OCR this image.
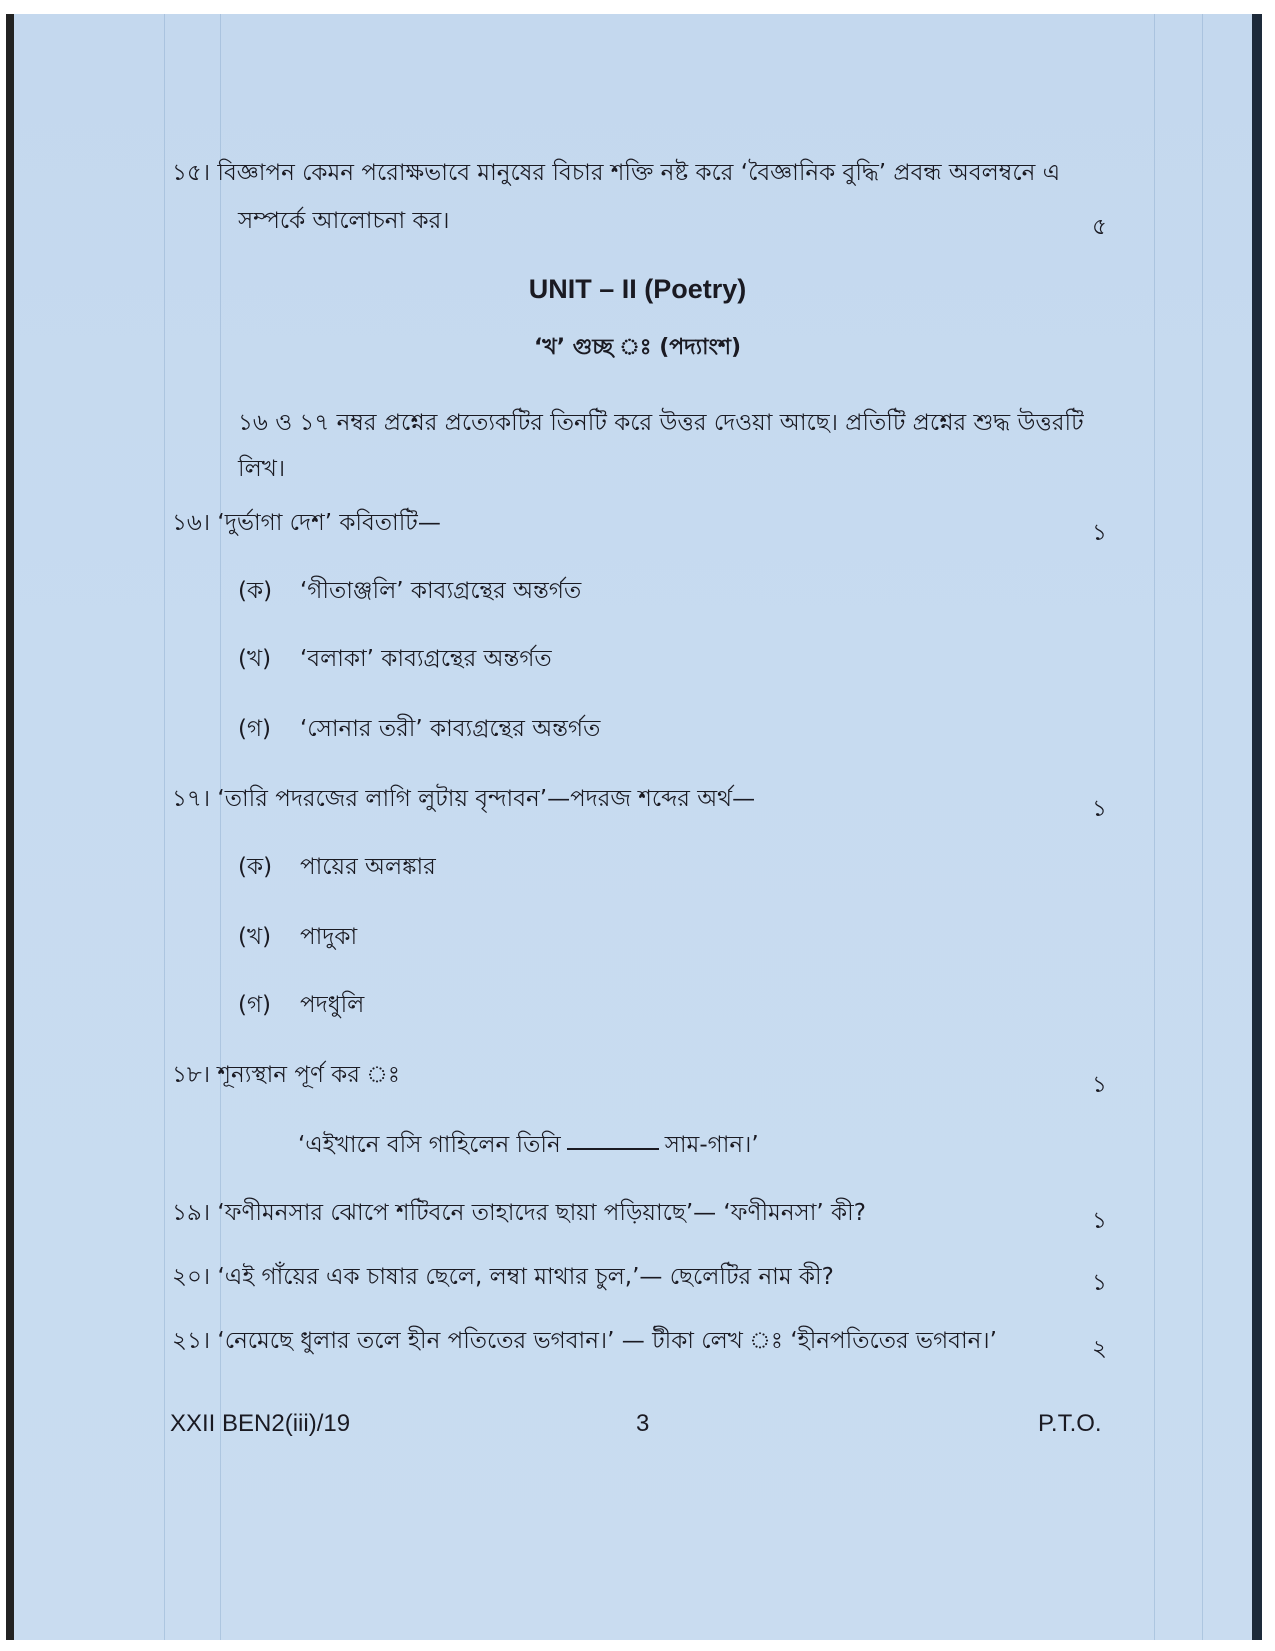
১৫। বিজ্ঞাপন কেমন পরোক্ষভাবে মানুষের বিচার শক্তি নষ্ট করে ‘বৈজ্ঞানিক বুদ্ধি’ প্রবন্ধ অবলম্বনে এ
সম্পর্কে আলোচনা কর।	৫
UNIT – II (Poetry)
‘খ’ গুচ্ছ ঃ (পদ্যাংশ)
১৬ ও ১৭ নম্বর প্রশ্নের প্রত্যেকটির তিনটি করে উত্তর দেওয়া আছে। প্রতিটি প্রশ্নের শুদ্ধ উত্তরটি
লিখ।
১৬। ‘দুর্ভাগা দেশ’ কবিতাটি—	১
(ক) ‘গীতাঞ্জলি’ কাব্যগ্রন্থের অন্তর্গত
(খ) ‘বলাকা’ কাব্যগ্রন্থের অন্তর্গত
(গ) ‘সোনার তরী’ কাব্যগ্রন্থের অন্তর্গত
১৭। ‘তারি পদরজের লাগি লুটায় বৃন্দাবন’—পদরজ শব্দের অর্থ—	১
(ক) পায়ের অলঙ্কার
(খ) পাদুকা
(গ) পদধুলি
১৮। শূন্যস্থান পূর্ণ কর ঃ	১
‘এইখানে বসি গাহিলেন তিনি	সাম-গান।’
১৯। ‘ফণীমনসার ঝোপে শটিবনে তাহাদের ছায়া পড়িয়াছে’— ‘ফণীমনসা’ কী?	১
২০। ‘এই গাঁয়ের এক চাষার ছেলে, লম্বা মাথার চুল,’— ছেলেটির নাম কী?	১
২১। ‘নেমেছে ধুলার তলে হীন পতিতের ভগবান।’ — টীকা লেখ ঃ ‘হীনপতিতের ভগবান।’	২
XXII BEN2(iii)/19	3	P.T.O.
